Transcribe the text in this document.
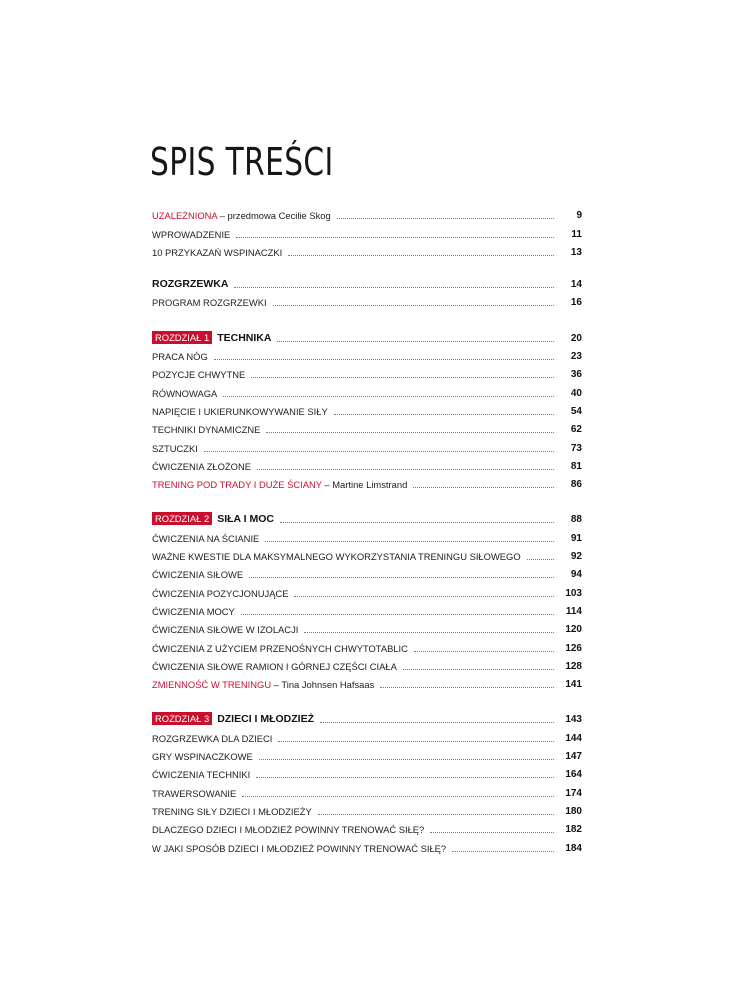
SPIS TREŚCI
UZALEŻNIONA – przedmowa Cecilie Skog	9
WPROWADZENIE	11
10 PRZYKAZAŃ WSPINACZKI	13
ROZGRZEWKA	14
PROGRAM ROZGRZEWKI	16
ROZDZIAŁ 1 TECHNIKA	20
PRACA NÓG	23
POZYCJE CHWYTNE	36
RÓWNOWAGA	40
NAPIĘCIE I UKIERUNKOWYWANIE SIŁY	54
TECHNIKI DYNAMICZNE	62
SZTUCZKI	73
ĆWICZENIA ZŁOŻONE	81
TRENING POD TRADY I DUŻE ŚCIANY – Martine Limstrand	86
ROZDZIAŁ 2 SIŁA I MOC	88
ĆWICZENIA NA ŚCIANIE	91
WAŻNE KWESTIE DLA MAKSYMALNEGO WYKORZYSTANIA TRENINGU SIŁOWEGO	92
ĆWICZENIA SIŁOWE	94
ĆWICZENIA POZYCJONUJĄCE	103
ĆWICZENIA MOCY	114
ĆWICZENIA SIŁOWE W IZOLACJI	120
ĆWICZENIA Z UŻYCIEM PRZENOŚNYCH CHWYTOTABLIC	126
ĆWICZENIA SIŁOWE RAMION I GÓRNEJ CZĘŚCI CIAŁA	128
ZMIENNOŚĆ W TRENINGU – Tina Johnsen Hafsaas	141
ROZDZIAŁ 3 DZIECI I MŁODZIEŻ	143
ROZGRZEWKA DLA DZIECI	144
GRY WSPINACZKOWE	147
ĆWICZENIA TECHNIKI	164
TRAWERSOWANIE	174
TRENING SIŁY DZIECI I MŁODZIEŻY	180
DLACZEGO DZIECI I MŁODZIEŻ POWINNY TRENOWAĆ SIŁĘ?	182
W JAKI SPOSÓB DZIECI I MŁODZIEŻ POWINNY TRENOWAĆ SIŁĘ?	184
